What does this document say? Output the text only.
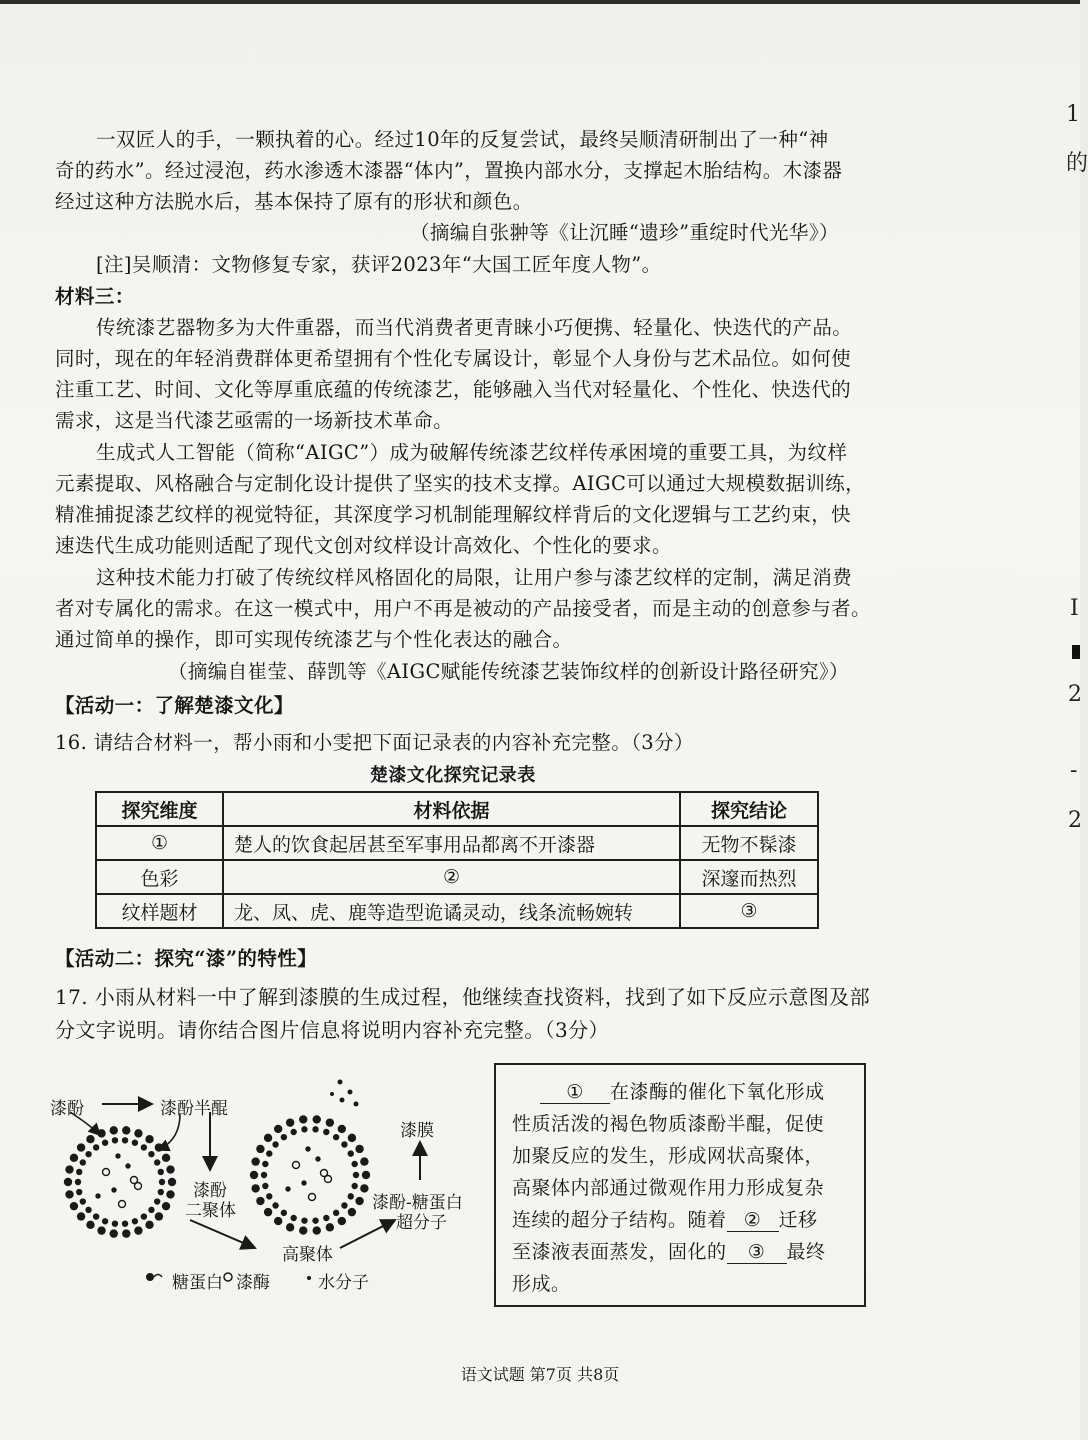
1
的
I
2
-
2
一双匠人的手，一颗执着的心。经过10年的反复尝试，最终吴顺清研制出了一种“神
奇的药水”。经过浸泡，药水渗透木漆器“体内”，置换内部水分，支撑起木胎结构。木漆器
经过这种方法脱水后，基本保持了原有的形状和颜色。
（摘编自张翀等《让沉睡“遗珍”重绽时代光华》）
[注]吴顺清：文物修复专家，获评2023年“大国工匠年度人物”。
材料三：
传统漆艺器物多为大件重器，而当代消费者更青睐小巧便携、轻量化、快迭代的产品。
同时，现在的年轻消费群体更希望拥有个性化专属设计，彰显个人身份与艺术品位。如何使
注重工艺、时间、文化等厚重底蕴的传统漆艺，能够融入当代对轻量化、个性化、快迭代的
需求，这是当代漆艺亟需的一场新技术革命。
生成式人工智能（简称“AIGC”）成为破解传统漆艺纹样传承困境的重要工具，为纹样
元素提取、风格融合与定制化设计提供了坚实的技术支撑。AIGC可以通过大规模数据训练，
精准捕捉漆艺纹样的视觉特征，其深度学习机制能理解纹样背后的文化逻辑与工艺约束，快
速迭代生成功能则适配了现代文创对纹样设计高效化、个性化的要求。
这种技术能力打破了传统纹样风格固化的局限，让用户参与漆艺纹样的定制，满足消费
者对专属化的需求。在这一模式中，用户不再是被动的产品接受者，而是主动的创意参与者。
通过简单的操作，即可实现传统漆艺与个性化表达的融合。
（摘编自崔莹、薛凯等《AIGC赋能传统漆艺装饰纹样的创新设计路径研究》）
【活动一：了解楚漆文化】
16. 请结合材料一，帮小雨和小雯把下面记录表的内容补充完整。（3分）
楚漆文化探究记录表
探究维度	材料依据	探究结论
①	楚人的饮食起居甚至军事用品都离不开漆器	无物不髹漆
色彩	②	深邃而热烈
纹样题材	龙、凤、虎、鹿等造型诡谲灵动，线条流畅婉转	③
【活动二：探究“漆”的特性】
17. 小雨从材料一中了解到漆膜的生成过程，他继续查找资料，找到了如下反应示意图及部
分文字说明。请你结合图片信息将说明内容补充完整。（3分）
漆酚	漆酚半醌
漆酚
二聚体
漆膜
漆酚-糖蛋白
超分子
高聚体
糖蛋白 漆酶	水分子
① 在漆酶的催化下氧化形成
性质活泼的褐色物质漆酚半醌，促使
加聚反应的发生，形成网状高聚体，
高聚体内部通过微观作用力形成复杂
连续的超分子结构。随着 ② 迁移
至漆液表面蒸发，固化的 ③ 最终
形成。
语文试题 第7页 共8页
